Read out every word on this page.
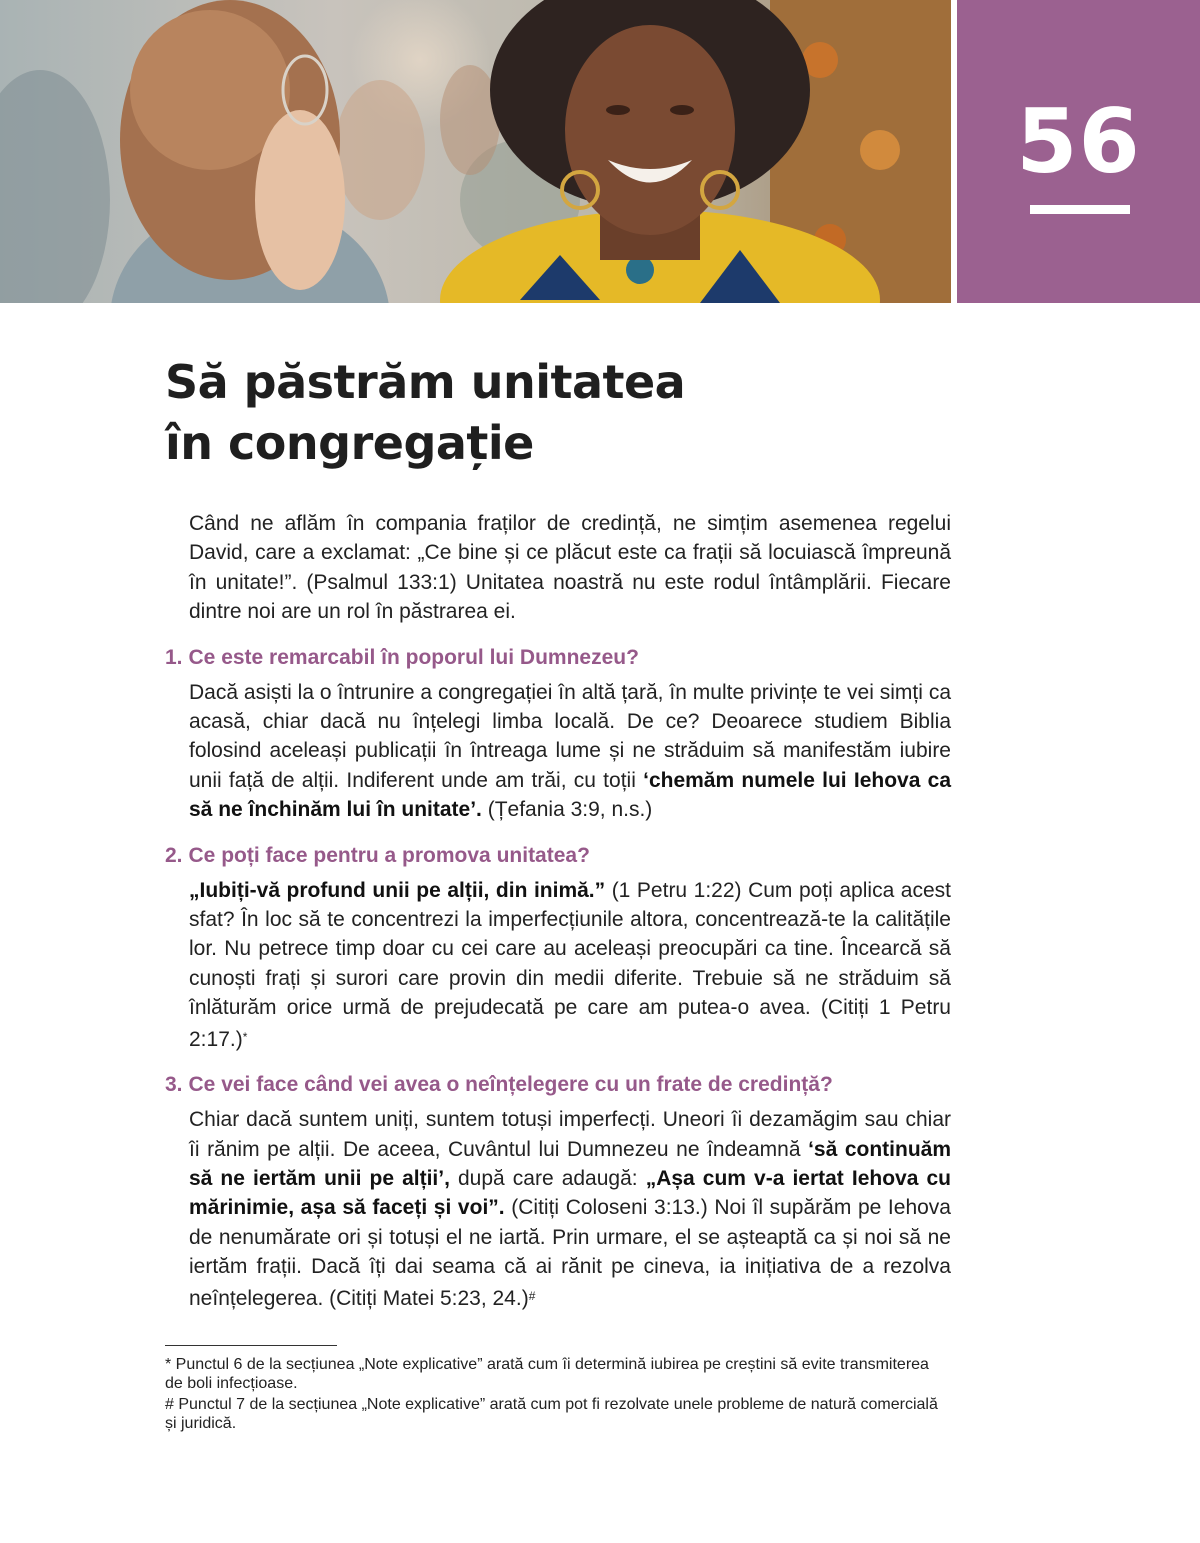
56
Să păstrăm unitatea
în congregație

Când ne aflăm în compania fraților de credință, ne simțim asemenea regelui David, care a exclamat: „Ce bine și ce plăcut este ca frații să locuiască împreună în unitate!”. (Psalmul 133:1) Unitatea noastră nu este rodul întâmplării. Fiecare dintre noi are un rol în păstrarea ei.

1. Ce este remarcabil în poporul lui Dumnezeu?

Dacă asiști la o întrunire a congregației în altă țară, în multe privințe te vei simți ca acasă, chiar dacă nu înțelegi limba locală. De ce? Deoarece studiem Biblia folosind aceleași publicații în întreaga lume și ne străduim să manifestăm iubire unii față de alții. Indiferent unde am trăi, cu toții ‘chemăm numele lui Iehova ca să ne închinăm lui în unitate’. (Țefania 3:9, n.s.)

2. Ce poți face pentru a promova unitatea?

„Iubiți-vă profund unii pe alții, din inimă.” (1 Petru 1:22) Cum poți aplica acest sfat? În loc să te concentrezi la imperfecțiunile altora, concentrează-te la calitățile lor. Nu petrece timp doar cu cei care au aceleași preocupări ca tine. Încearcă să cunoști frați și surori care provin din medii diferite. Trebuie să ne străduim să înlăturăm orice urmă de prejudecată pe care am putea-o avea. (Citiți 1 Petru 2:17.)*

3. Ce vei face când vei avea o neînțelegere cu un frate de credință?

Chiar dacă suntem uniți, suntem totuși imperfecți. Uneori îi dezamăgim sau chiar îi rănim pe alții. De aceea, Cuvântul lui Dumnezeu ne îndeamnă ‘să continuăm să ne iertăm unii pe alții’, după care adaugă: „Așa cum v-a iertat Iehova cu mărinimie, așa să faceți și voi”. (Citiți Coloseni 3:13.) Noi îl supărăm pe Iehova de nenumărate ori și totuși el ne iartă. Prin urmare, el se așteaptă ca și noi să ne iertăm frații. Dacă îți dai seama că ai rănit pe cineva, ia inițiativa de a rezolva neînțelegerea. (Citiți Matei 5:23, 24.)#

* Punctul 6 de la secțiunea „Note explicative” arată cum îi determină iubirea pe creștini să evite transmiterea de boli infecțioase.

# Punctul 7 de la secțiunea „Note explicative” arată cum pot fi rezolvate unele probleme de natură comercială și juridică.
